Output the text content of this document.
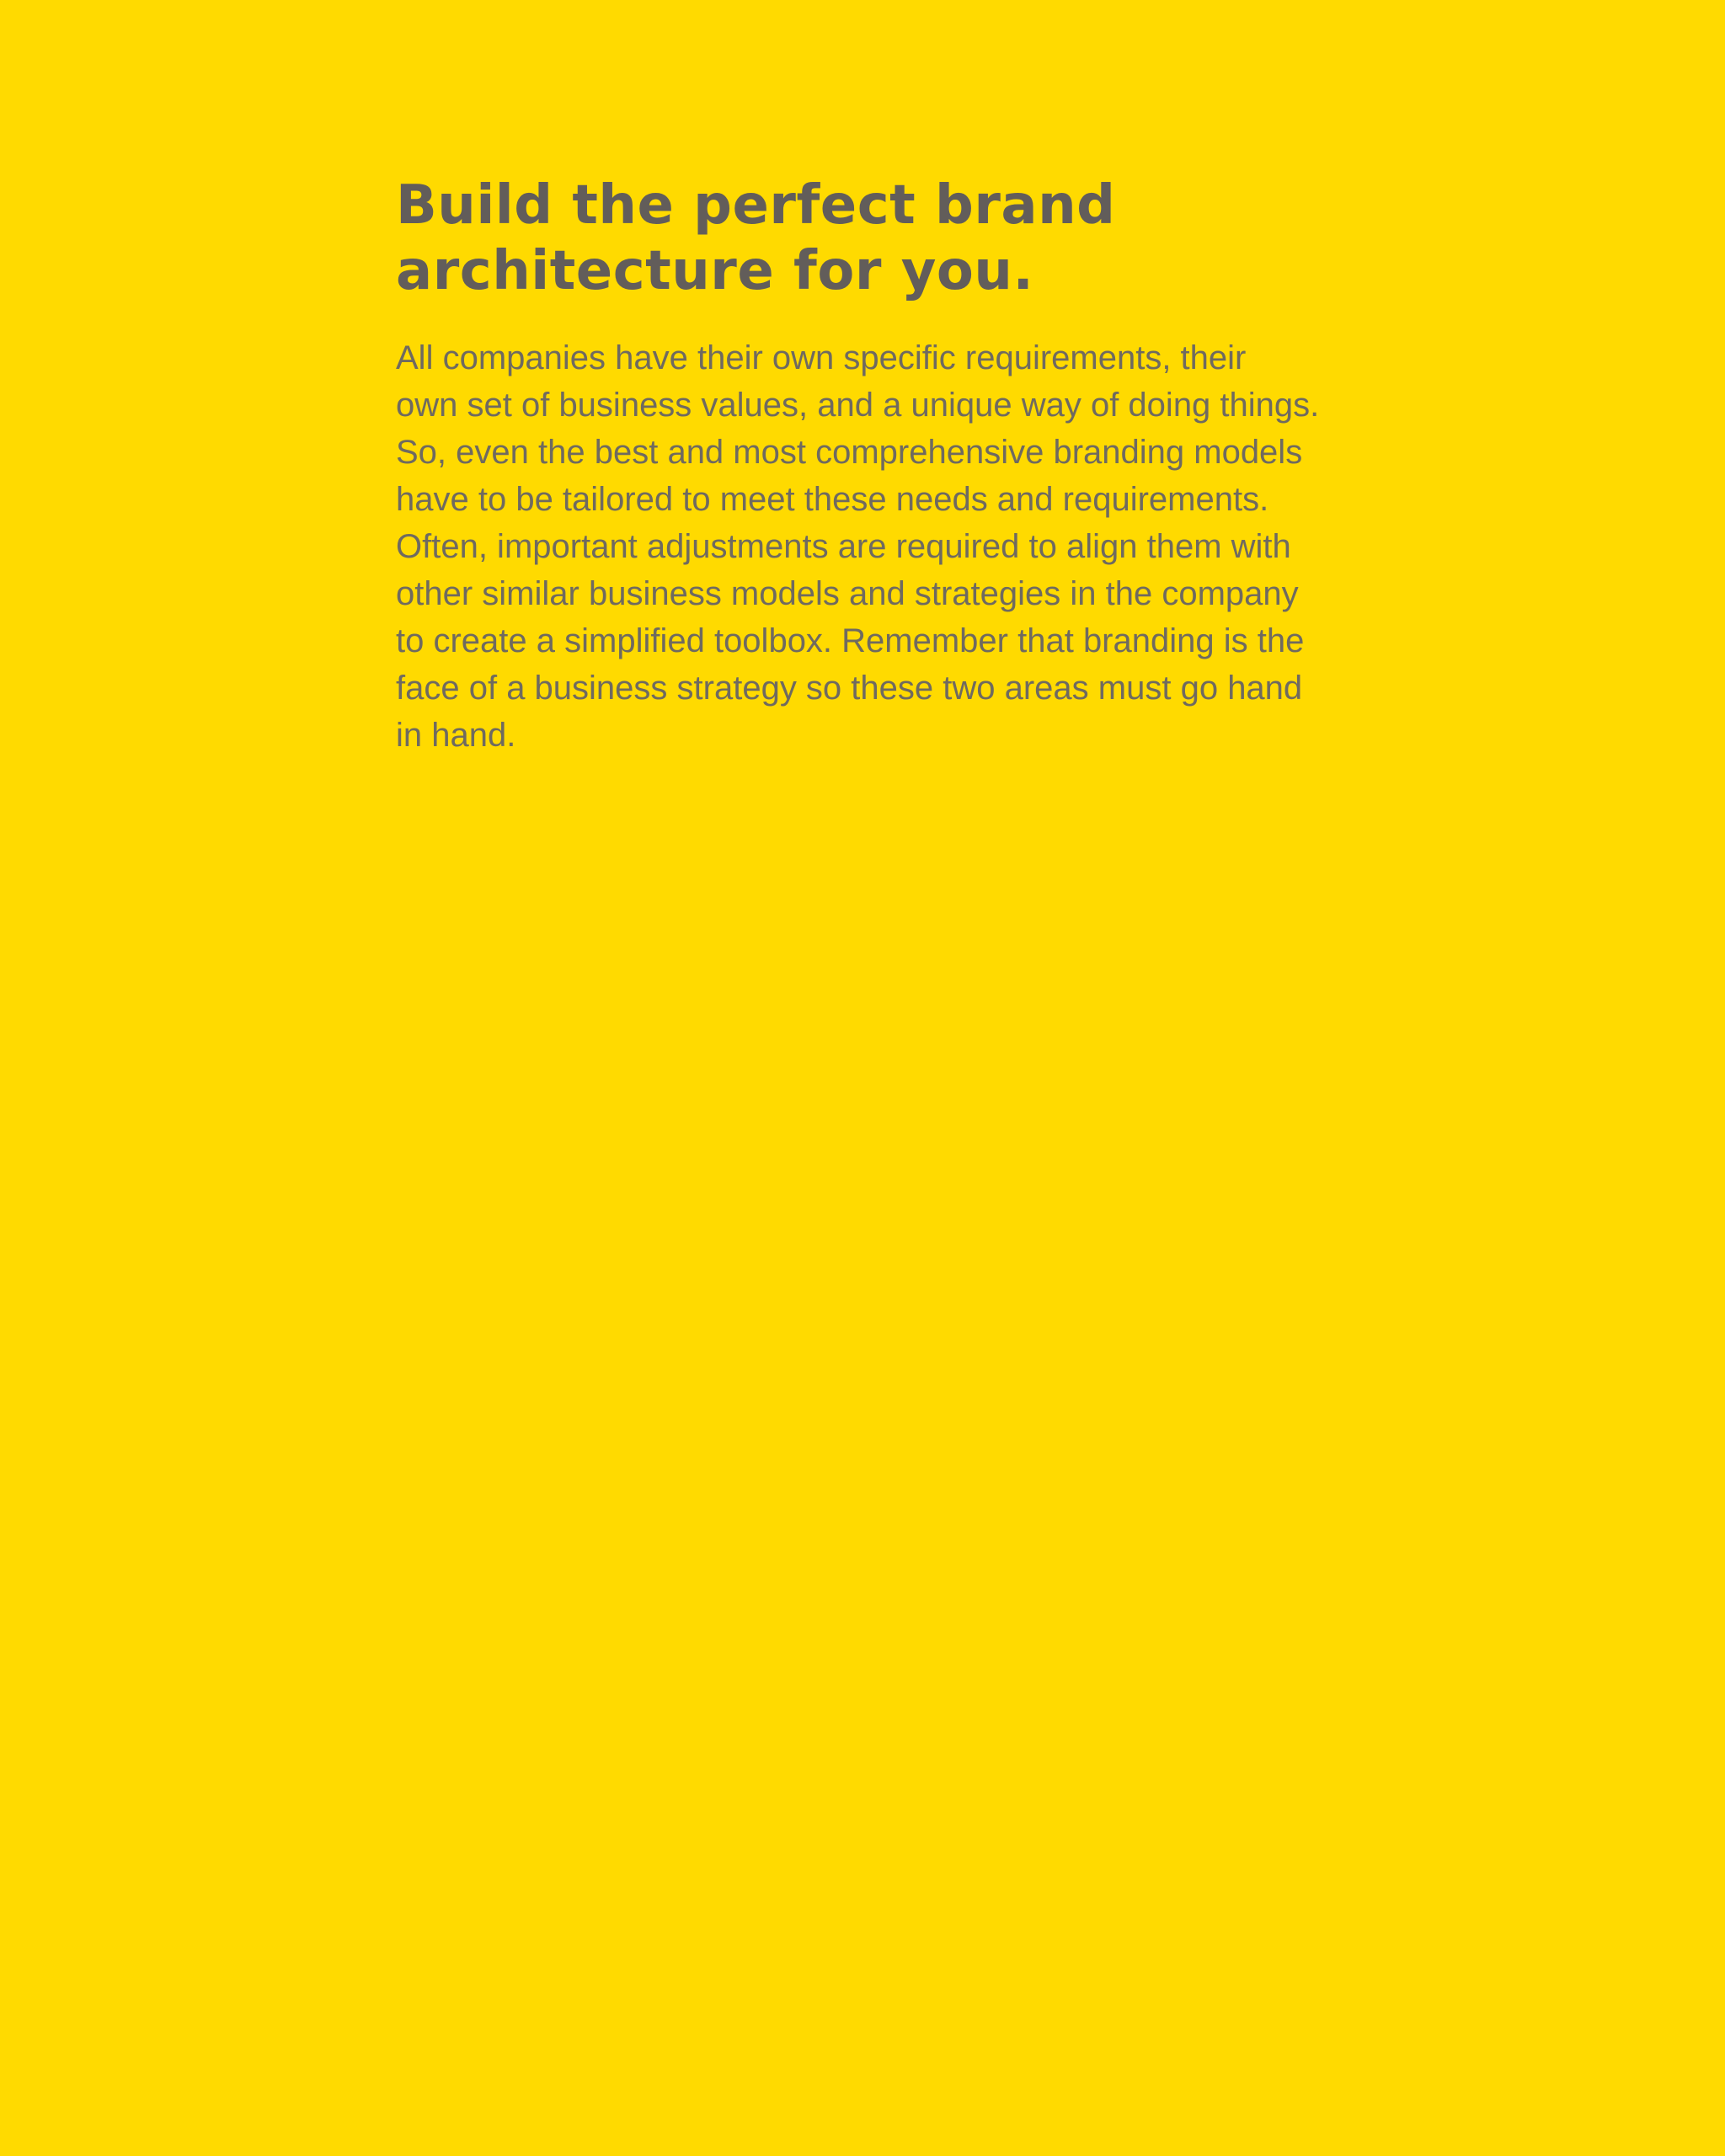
Build the perfect brand
architecture for you.
All companies have their own specific requirements, their
own set of business values, and a unique way of doing things.
So, even the best and most comprehensive branding models
have to be tailored to meet these needs and requirements.
Often, important adjustments are required to align them with
other similar business models and strategies in the company
to create a simplified toolbox. Remember that branding is the
face of a business strategy so these two areas must go hand
in hand.
